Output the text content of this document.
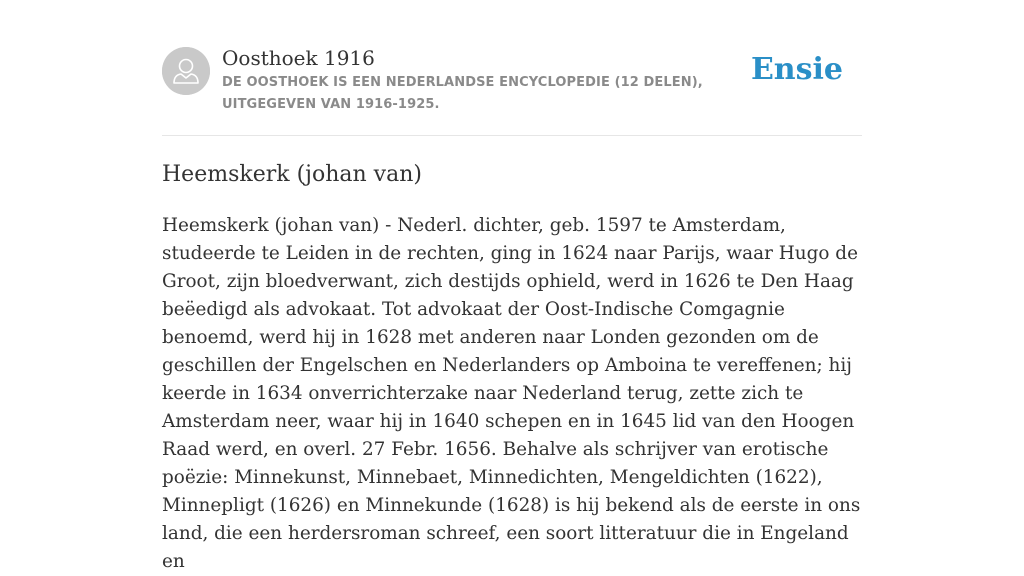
Oosthoek 1916

DE OOSTHOEK IS EEN NEDERLANDSE ENCYCLOPEDIE (12 DELEN), UITGEGEVEN VAN 1916-1925.

Ensie
Heemskerk (johan van)

Heemskerk (johan van) - Nederl. dichter, geb. 1597 te Amsterdam, studeerde te Leiden in de rechten, ging in 1624 naar Parijs, waar Hugo de Groot, zijn bloedverwant, zich destijds ophield, werd in 1626 te Den Haag beëedigd als advokaat. Tot advokaat der Oost-Indische Comgagnie benoemd, werd hij in 1628 met anderen naar Londen gezonden om de geschillen der Engelschen en Nederlanders op Amboina te vereffenen; hij keerde in 1634 onverrichterzake naar Nederland terug, zette zich te Amsterdam neer, waar hij in 1640 schepen en in 1645 lid van den Hoogen Raad werd, en overl. 27 Febr. 1656. Behalve als schrijver van erotische poëzie: Minnekunst, Minnebaet, Minnedichten, Mengeldichten (1622), Minnepligt (1626) en Minnekunde (1628) is hij bekend als de eerste in ons land, die een herdersroman schreef, een soort litteratuur die in Engeland en
